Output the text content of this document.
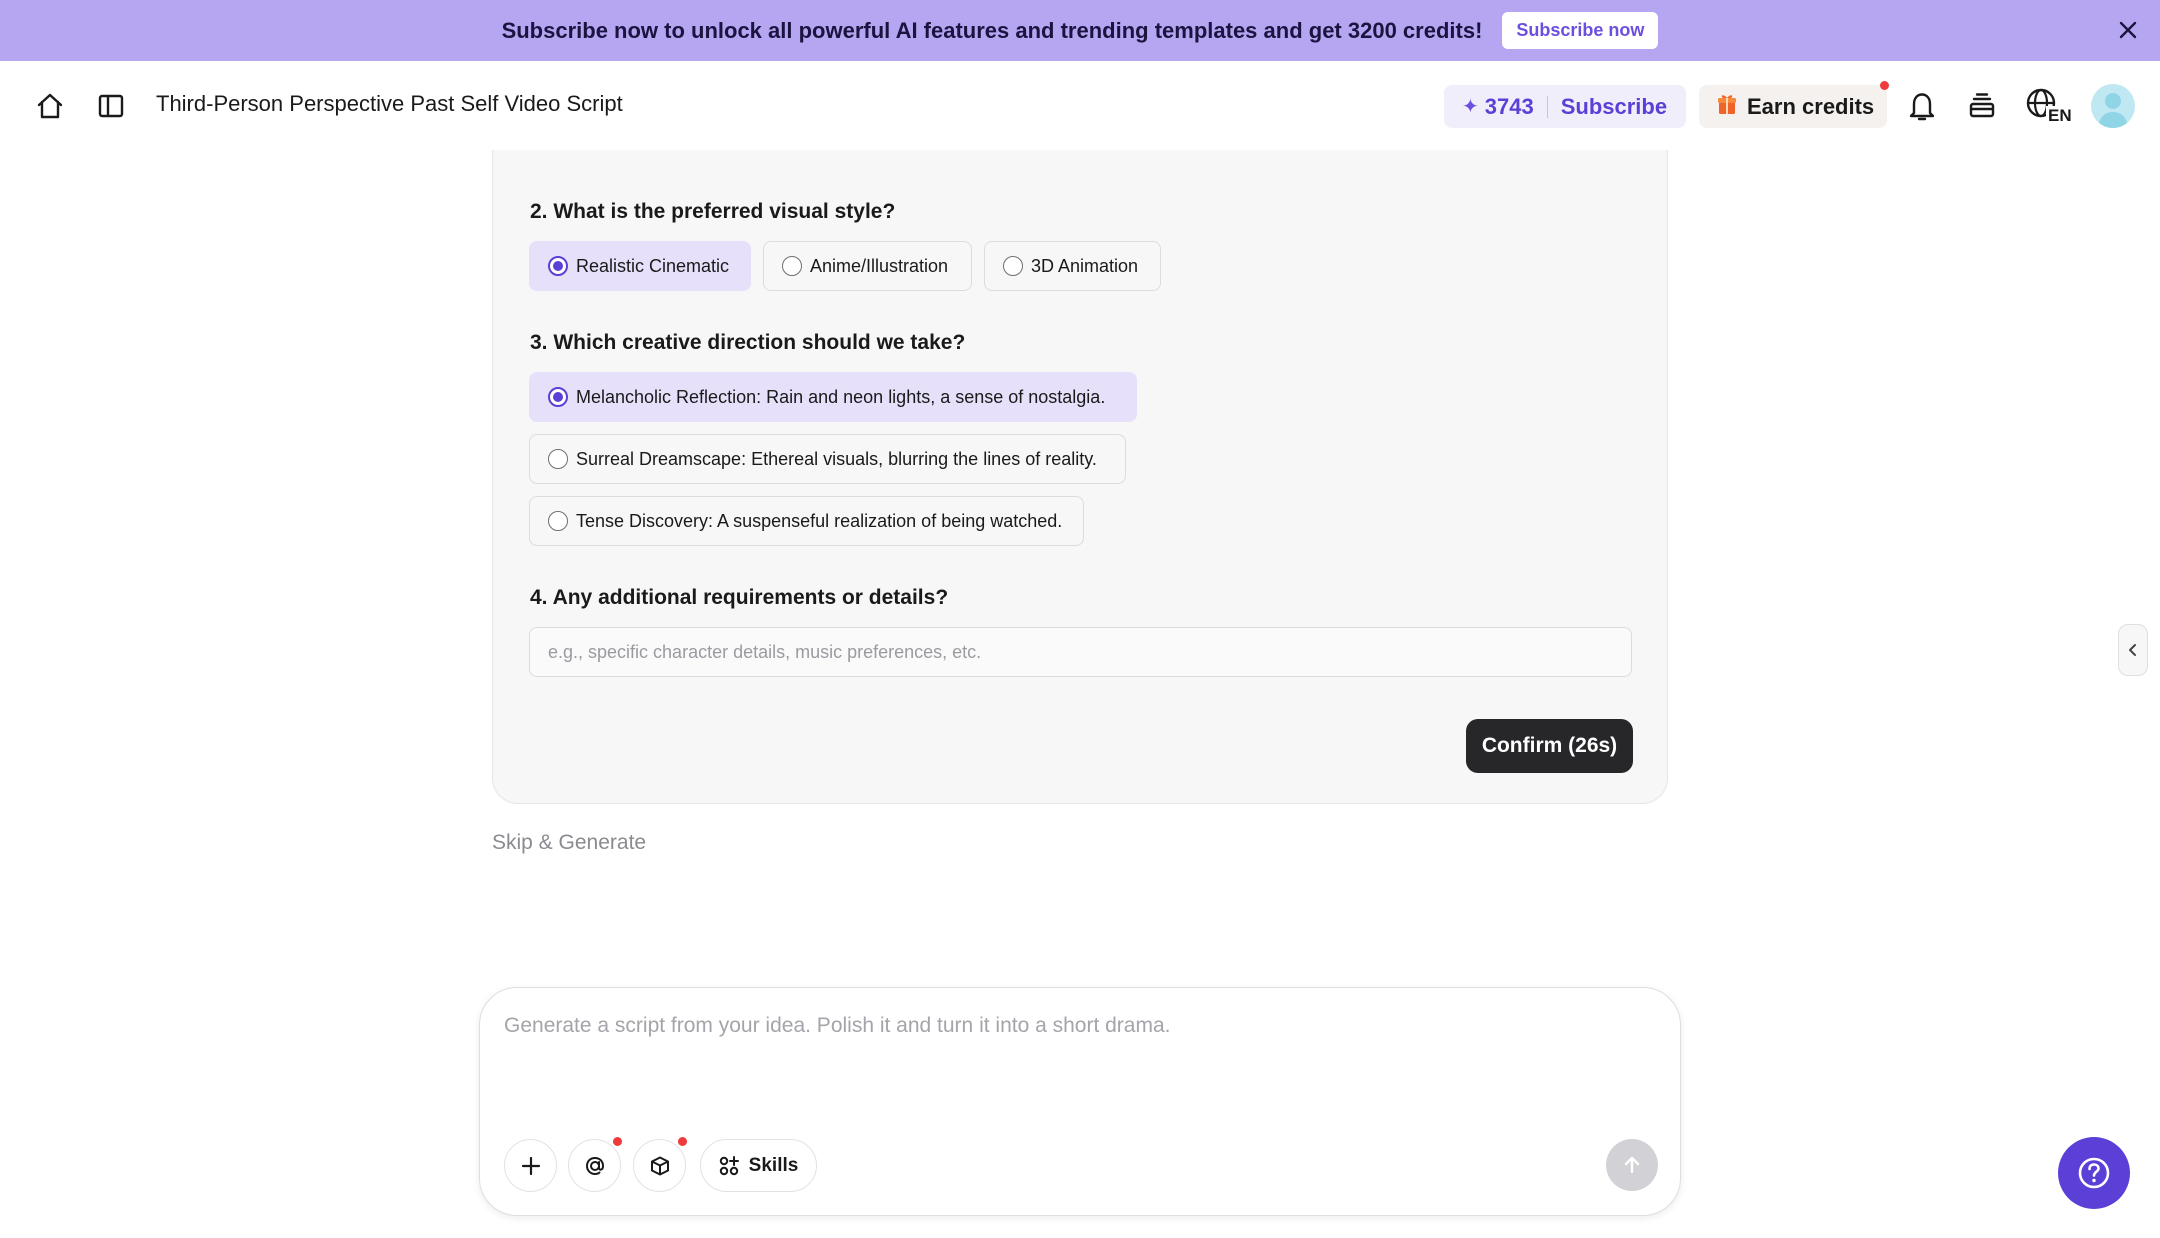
Subscribe now to unlock all powerful AI features and trending templates and get 3200 credits!	Subscribe now
Third-Person Perspective Past Self Video Script	✦ 3743 Subscribe	Earn credits	EN
2. What is the preferred visual style?
Realistic Cinematic	Anime/Illustration	3D Animation
3. Which creative direction should we take?
Melancholic Reflection: Rain and neon lights, a sense of nostalgia.
Surreal Dreamscape: Ethereal visuals, blurring the lines of reality.
Tense Discovery: A suspenseful realization of being watched.
4. Any additional requirements or details?
e.g., specific character details, music preferences, etc.
Confirm (26s)
Skip & Generate
Generate a script from your idea. Polish it and turn it into a short drama.
Skills
